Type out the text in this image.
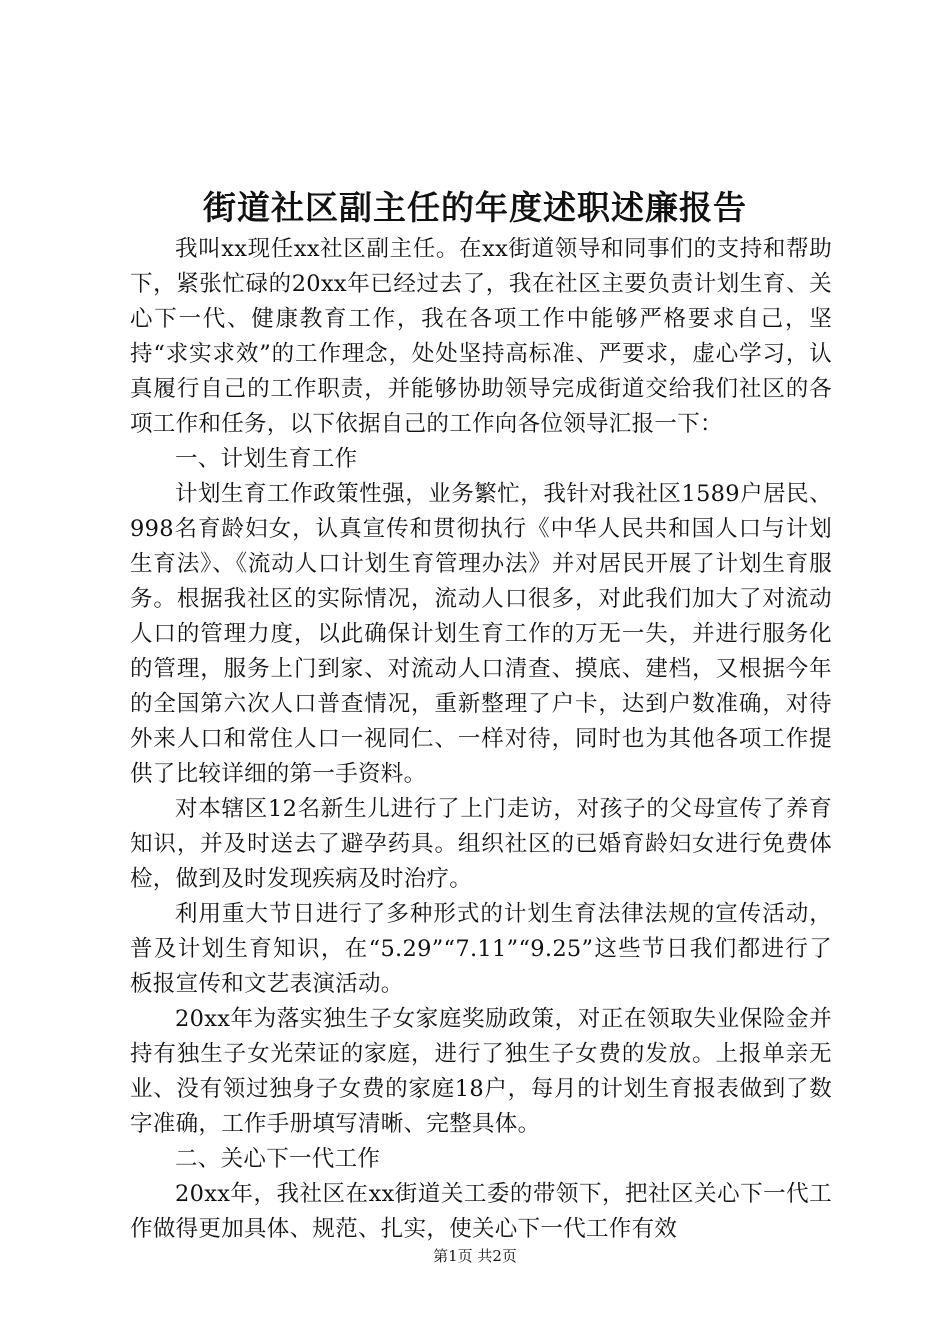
街道社区副主任的年度述职述廉报告

我叫xx现任xx社区副主任。在xx街道领导和同事们的支持和帮助下，紧张忙碌的20xx年已经过去了，我在社区主要负责计划生育、关心下一代、健康教育工作，我在各项工作中能够严格要求自己，坚持“求实求效”的工作理念，处处坚持高标准、严要求，虚心学习，认真履行自己的工作职责，并能够协助领导完成街道交给我们社区的各项工作和任务，以下依据自己的工作向各位领导汇报一下：

一、计划生育工作

计划生育工作政策性强，业务繁忙，我针对我社区1589户居民、998名育龄妇女，认真宣传和贯彻执行《中华人民共和国人口与计划生育法》、《流动人口计划生育管理办法》并对居民开展了计划生育服务。根据我社区的实际情况，流动人口很多，对此我们加大了对流动人口的管理力度，以此确保计划生育工作的万无一失，并进行服务化的管理，服务上门到家、对流动人口清查、摸底、建档，又根据今年的全国第六次人口普查情况，重新整理了户卡，达到户数准确，对待外来人口和常住人口一视同仁、一样对待，同时也为其他各项工作提供了比较详细的第一手资料。

对本辖区12名新生儿进行了上门走访，对孩子的父母宣传了养育知识，并及时送去了避孕药具。组织社区的已婚育龄妇女进行免费体检，做到及时发现疾病及时治疗。

利用重大节日进行了多种形式的计划生育法律法规的宣传活动，普及计划生育知识，在“5.29”“7.11”“9.25”这些节日我们都进行了板报宣传和文艺表演活动。

20xx年为落实独生子女家庭奖励政策，对正在领取失业保险金并持有独生子女光荣证的家庭，进行了独生子女费的发放。上报单亲无业、没有领过独身子女费的家庭18户，每月的计划生育报表做到了数字准确，工作手册填写清晰、完整具体。

二、关心下一代工作

20xx年，我社区在xx街道关工委的带领下，把社区关心下一代工作做得更加具体、规范、扎实，使关心下一代工作有效

第1页 共2页
